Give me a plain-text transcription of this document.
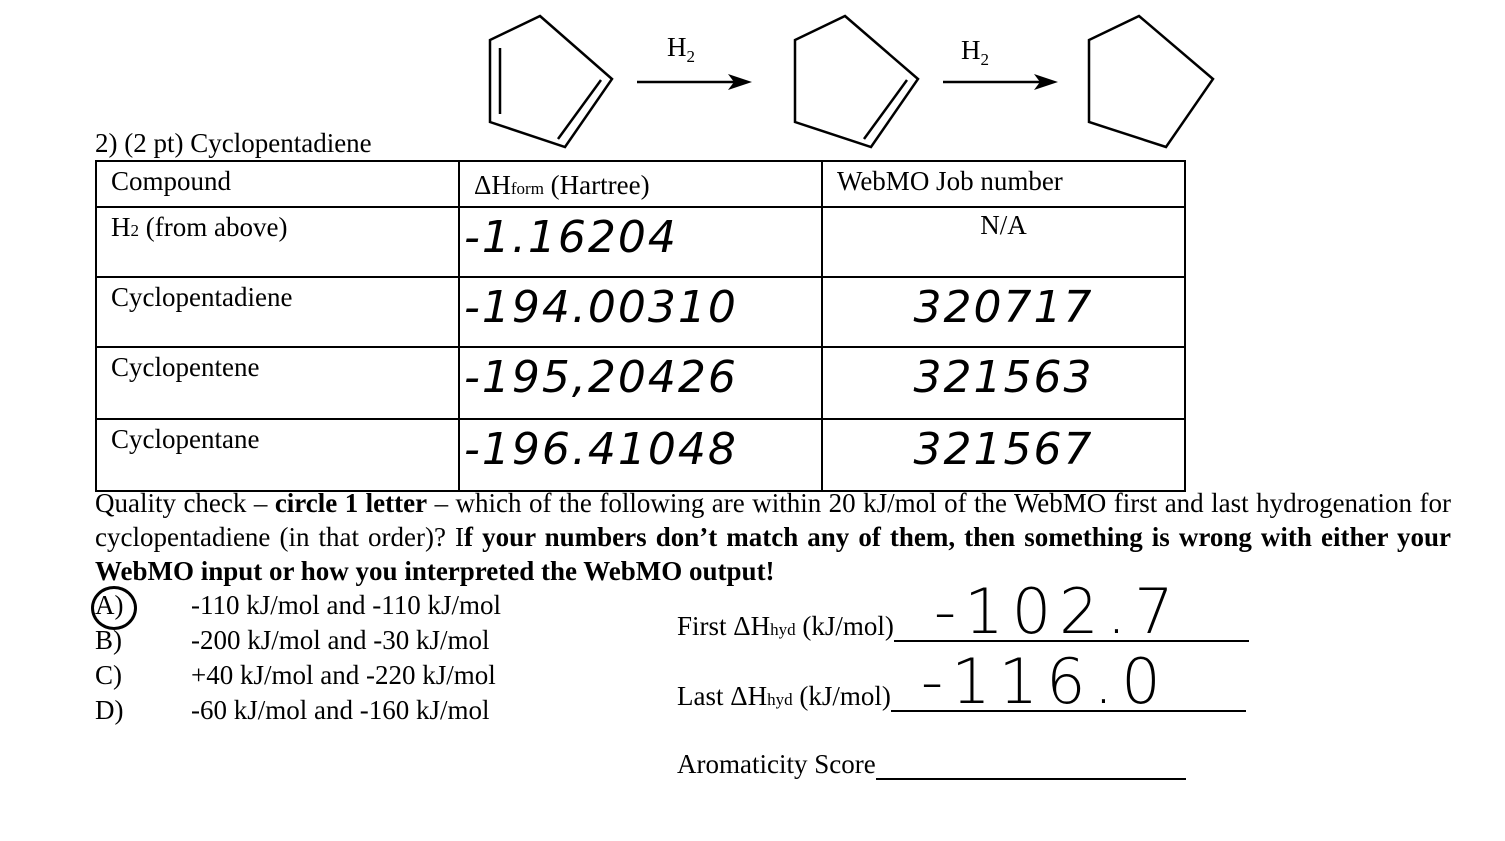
$H_2$	$H_2$
2) (2 pt) Cyclopentadiene
Compound	ΔHform (Hartree)	WebMO Job number

H2 (from above)	-1.16204	N/A

Cyclopentadiene	-194.00310	320717

Cyclopentene	-195,20426	321563

Cyclopentane	-196.41048	321567
Quality check – circle 1 letter – which of the following are within 20 kJ/mol of the WebMO first and last hydrogenation for cyclopentadiene (in that order)? If your numbers don’t match any of them, then something is wrong with either your WebMO input or how you interpreted the WebMO output!
A)	-110 kJ/mol and -110 kJ/mol
B)	-200 kJ/mol and -30 kJ/mol
C)	+40 kJ/mol and -220 kJ/mol
D)	-60 kJ/mol and -160 kJ/mol
First ΔHhyd (kJ/mol) -102.7
Last ΔHhyd (kJ/mol) -116.0
Aromaticity Score
